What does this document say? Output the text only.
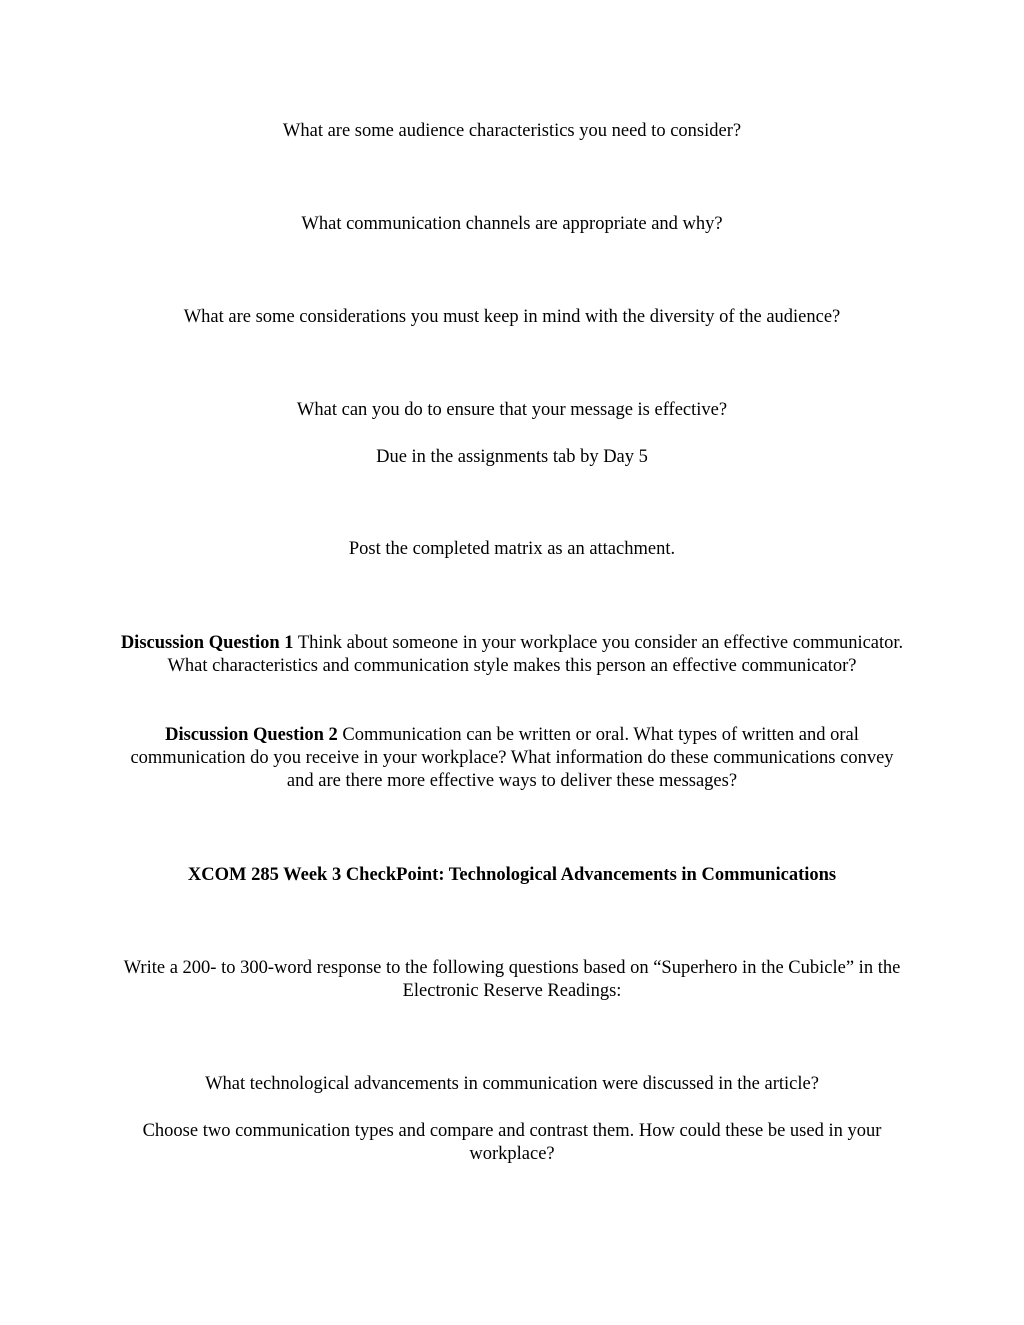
What are some audience characteristics you need to consider?

What communication channels are appropriate and why?

What are some considerations you must keep in mind with the diversity of the audience?

What can you do to ensure that your message is effective?

Due in the assignments tab by Day 5

Post the completed matrix as an attachment.

Discussion Question 1 Think about someone in your workplace you consider an effective communicator. What characteristics and communication style makes this person an effective communicator?

Discussion Question 2 Communication can be written or oral. What types of written and oral communication do you receive in your workplace? What information do these communications convey and are there more effective ways to deliver these messages?

XCOM 285 Week 3 CheckPoint: Technological Advancements in Communications

Write a 200- to 300-word response to the following questions based on “Superhero in the Cubicle” in the Electronic Reserve Readings:

What technological advancements in communication were discussed in the article?

Choose two communication types and compare and contrast them. How could these be used in your workplace?
